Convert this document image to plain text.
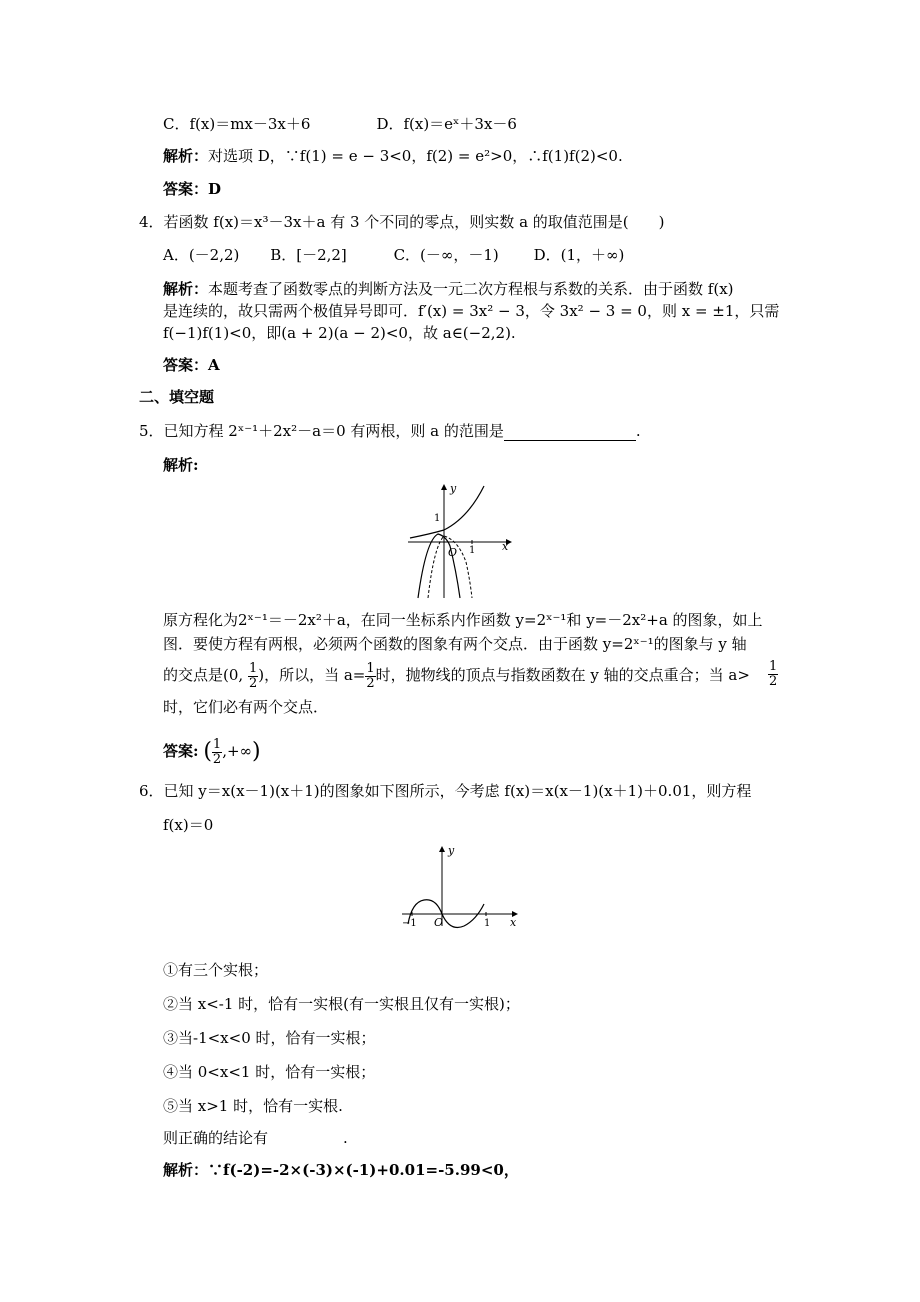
C．f(x)＝mx－3x＋6	D．f(x)＝eˣ＋3x－6
解析：对选项 D，∵f(1) = e − 3<0，f(2) = e²>0，∴f(1)f(2)<0.
答案：D
4．若函数 f(x)＝x³－3x＋a 有 3 个不同的零点，则实数 a 的取值范围是(　　)
A．(－2,2) B．[－2,2]	C．(－∞，－1) D．(1，＋∞)
解析：本题考查了函数零点的判断方法及一元二次方程根与系数的关系．由于函数 f(x)
是连续的，故只需两个极值异号即可．f′(x) = 3x² − 3，令 3x² − 3 = 0，则 x = ±1，只需
f(−1)f(1)<0，即(a + 2)(a − 2)<0，故 a∈(−2,2).
答案：A
二、填空题
5．已知方程 2ˣ⁻¹＋2x²－a＝0 有两根，则 a 的范围是	.
解析:
y
x
O
1
1
原方程化为2ˣ⁻¹＝－2x²＋a，在同一坐标系内作函数 y=2ˣ⁻¹和 y=－2x²+a 的图象，如上
图．要使方程有两根，必须两个函数的图象有两个交点．由于函数 y=2ˣ⁻¹的图象与 y 轴
的交点是(0, $\frac{1}{2}$ )，所以，当 $a= \frac{1}{2}$ 时，抛物线的顶点与指数函数在 y 轴的交点重合；当 $a> \frac{1}{2}$
时，它们必有两个交点．
答案: ( $\frac{1}{2}$ ,+∞)
6．已知 y＝x(x－1)(x＋1)的图象如下图所示，今考虑 f(x)＝x(x－1)(x＋1)＋0.01，则方程
f(x)＝0
y
x
O
−1	1
①有三个实根；
②当 x<-1 时，恰有一实根(有一实根且仅有一实根)；
③当-1<x<0 时，恰有一实根；
④当 0<x<1 时，恰有一实根；
⑤当 x>1 时，恰有一实根.
则正确的结论有　　　　　.
解析：∵f(-2)=-2×(-3)×(-1)+0.01=-5.99<0，
